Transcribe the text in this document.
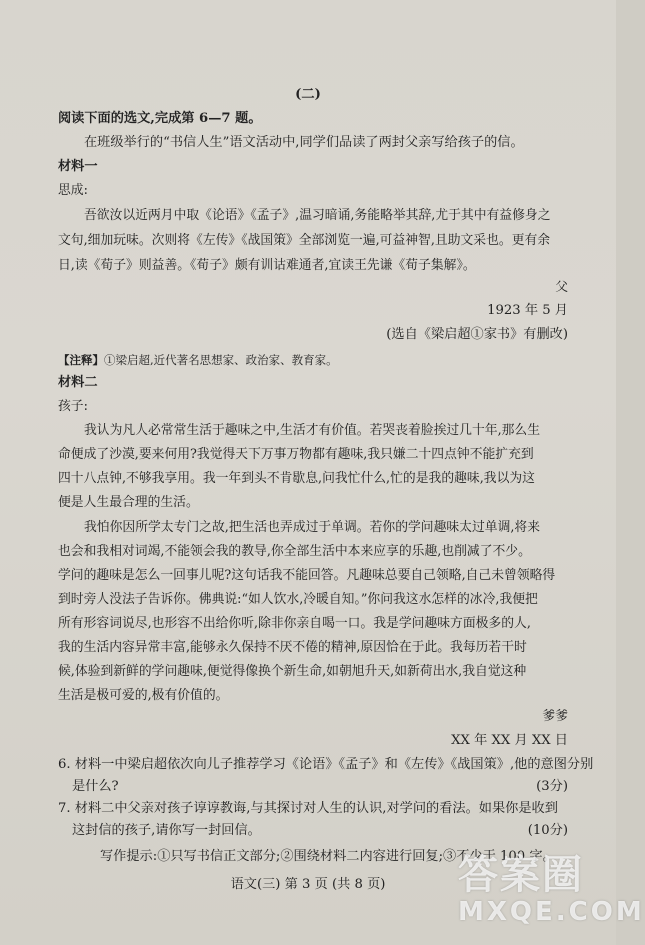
(二)
阅读下面的选文,完成第 6—7 题。
在班级举行的“书信人生”语文活动中,同学们品读了两封父亲写给孩子的信。
材料一
思成:
吾欲汝以近两月中取《论语》《孟子》,温习暗诵,务能略举其辞,尤于其中有益修身之
文句,细加玩味。次则将《左传》《战国策》全部浏览一遍,可益神智,且助文采也。更有余
日,读《荀子》则益善。《荀子》颇有训诂难通者,宜读王先谦《荀子集解》。
父
1923 年 5 月
(选自《梁启超①家书》有删改)
【注释】①梁启超,近代著名思想家、政治家、教育家。
材料二
孩子:
我认为凡人必常常生活于趣味之中,生活才有价值。若哭丧着脸挨过几十年,那么生
命便成了沙漠,要来何用?我觉得天下万事万物都有趣味,我只嫌二十四点钟不能扩充到
四十八点钟,不够我享用。我一年到头不肯歇息,问我忙什么,忙的是我的趣味,我以为这
便是人生最合理的生活。
我怕你因所学太专门之故,把生活也弄成过于单调。若你的学问趣味太过单调,将来
也会和我相对词竭,不能领会我的教导,你全部生活中本来应享的乐趣,也削减了不少。
学问的趣味是怎么一回事儿呢?这句话我不能回答。凡趣味总要自己领略,自己未曾领略得
到时旁人没法子告诉你。佛典说:“如人饮水,冷暖自知。”你问我这水怎样的冰冷,我便把
所有形容词说尽,也形容不出给你听,除非你亲自喝一口。我是学问趣味方面极多的人,
我的生活内容异常丰富,能够永久保持不厌不倦的精神,原因恰在于此。我每历若干时
候,体验到新鲜的学问趣味,便觉得像换个新生命,如朝旭升天,如新荷出水,我自觉这种
生活是极可爱的,极有价值的。
爹爹
XX 年 XX 月 XX 日
6. 材料一中梁启超依次向儿子推荐学习《论语》《孟子》和《左传》《战国策》,他的意图分别
是什么?	(3分)
7. 材料二中父亲对孩子谆谆教诲,与其探讨对人生的认识,对学问的看法。如果你是收到
这封信的孩子,请你写一封回信。	(10分)
写作提示:①只写书信正文部分;②围绕材料二内容进行回复;③不少于 100 字。
语文(三) 第 3 页 (共 8 页)	答案圈
MXQE.COM
